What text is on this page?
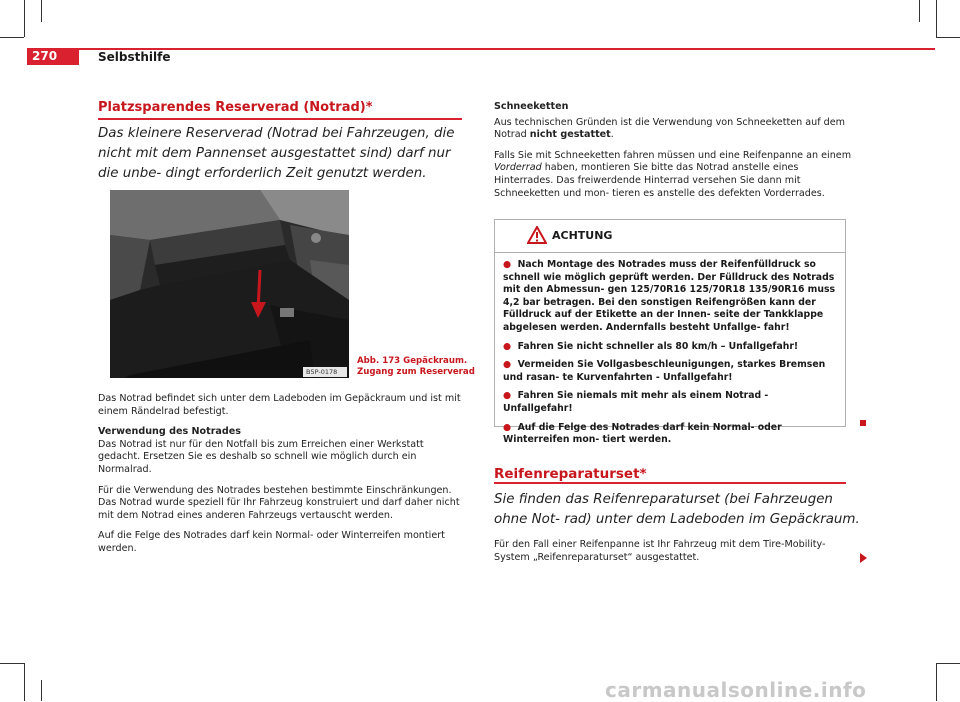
270	Selbsthilfe
Platzsparendes Reserverad (Notrad)*
Das kleinere Reserverad (Notrad bei Fahrzeugen, die nicht mit dem Pannenset ausgestattet sind) darf nur die unbe- dingt erforderlich Zeit genutzt werden.
B5P-0178
Abb. 173 Gepäckraum.
Zugang zum Reserverad

Das Notrad befindet sich unter dem Ladeboden im Gepäckraum und ist mit einem Rändelrad befestigt.

Verwendung des Notrades

Das Notrad ist nur für den Notfall bis zum Erreichen einer Werkstatt gedacht. Ersetzen Sie es deshalb so schnell wie möglich durch ein Normalrad.

Für die Verwendung des Notrades bestehen bestimmte Einschränkungen. Das Notrad wurde speziell für Ihr Fahrzeug konstruiert und darf daher nicht mit dem Notrad eines anderen Fahrzeugs vertauscht werden.

Auf die Felge des Notrades darf kein Normal- oder Winterreifen montiert werden.

Schneeketten

Aus technischen Gründen ist die Verwendung von Schneeketten auf dem Notrad nicht gestattet.

Falls Sie mit Schneeketten fahren müssen und eine Reifenpanne an einem Vorderrad haben, montieren Sie bitte das Notrad anstelle eines Hinterrades. Das freiwerdende Hinterrad versehen Sie dann mit Schneeketten und mon- tieren es anstelle des defekten Vorderrades.

ACHTUNG
● Nach Montage des Notrades muss der Reifenfülldruck so schnell wie möglich geprüft werden. Der Fülldruck des Notrads mit den Abmessun- gen 125/70R16 125/70R18 135/90R16 muss 4,2 bar betragen. Bei den sonstigen Reifengrößen kann der Fülldruck auf der Etikette an der Innen- seite der Tankklappe abgelesen werden. Andernfalls besteht Unfallge- fahr!
● Fahren Sie nicht schneller als 80 km/h – Unfallgefahr!
● Vermeiden Sie Vollgasbeschleunigungen, starkes Bremsen und rasan- te Kurvenfahrten - Unfallgefahr!
● Fahren Sie niemals mit mehr als einem Notrad - Unfallgefahr!
● Auf die Felge des Notrades darf kein Normal- oder Winterreifen mon- tiert werden.
Reifenreparaturset*
Sie finden das Reifenreparaturset (bei Fahrzeugen ohne Not- rad) unter dem Ladeboden im Gepäckraum.
Für den Fall einer Reifenpanne ist Ihr Fahrzeug mit dem Tire-Mobility-System „Reifenreparaturset“ ausgestattet.
carmanualsonline.info
